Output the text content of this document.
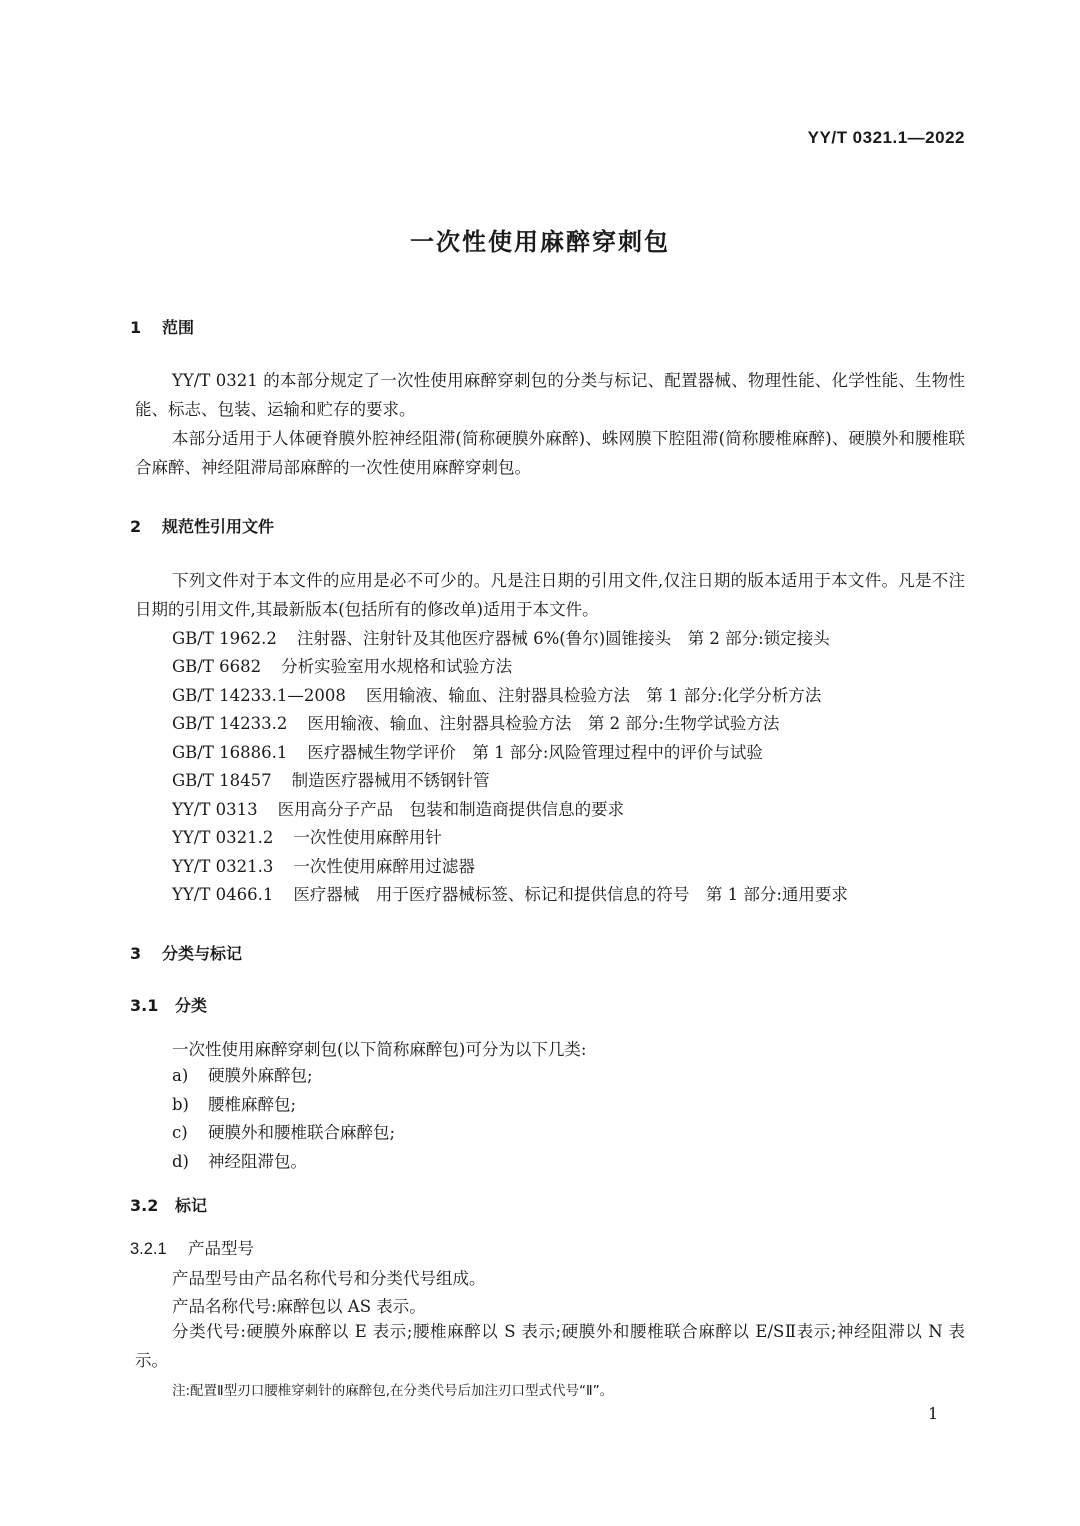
YY/T 0321.1—2022
一次性使用麻醉穿刺包
1 范围

YY/T 0321 的本部分规定了一次性使用麻醉穿刺包的分类与标记、配置器械、物理性能、化学性能、生物性能、标志、包装、运输和贮存的要求。

本部分适用于人体硬脊膜外腔神经阻滞(简称硬膜外麻醉)、蛛网膜下腔阻滞(简称腰椎麻醉)、硬膜外和腰椎联合麻醉、神经阻滞局部麻醉的一次性使用麻醉穿刺包。

2 规范性引用文件

下列文件对于本文件的应用是必不可少的。凡是注日期的引用文件,仅注日期的版本适用于本文件。凡是不注日期的引用文件,其最新版本(包括所有的修改单)适用于本文件。

GB/T 1962.2 注射器、注射针及其他医疗器械 6%(鲁尔)圆锥接头　第 2 部分:锁定接头
GB/T 6682 分析实验室用水规格和试验方法
GB/T 14233.1—2008 医用输液、输血、注射器具检验方法　第 1 部分:化学分析方法
GB/T 14233.2 医用输液、输血、注射器具检验方法　第 2 部分:生物学试验方法
GB/T 16886.1 医疗器械生物学评价　第 1 部分:风险管理过程中的评价与试验
GB/T 18457 制造医疗器械用不锈钢针管
YY/T 0313 医用高分子产品　包装和制造商提供信息的要求
YY/T 0321.2 一次性使用麻醉用针
YY/T 0321.3 一次性使用麻醉用过滤器
YY/T 0466.1 医疗器械　用于医疗器械标签、标记和提供信息的符号　第 1 部分:通用要求
3 分类与标记
3.1 分类
一次性使用麻醉穿刺包(以下简称麻醉包)可分为以下几类:
a) 硬膜外麻醉包;
b) 腰椎麻醉包;
c) 硬膜外和腰椎联合麻醉包;
d) 神经阻滞包。
3.2 标记
3.2.1 产品型号
产品型号由产品名称代号和分类代号组成。
产品名称代号:麻醉包以 AS 表示。

分类代号:硬膜外麻醉以 E 表示;腰椎麻醉以 S 表示;硬膜外和腰椎联合麻醉以 E/SⅡ表示;神经阻滞以 N 表示。

注:配置Ⅱ型刃口腰椎穿刺针的麻醉包,在分类代号后加注刃口型式代号“Ⅱ”。
1
